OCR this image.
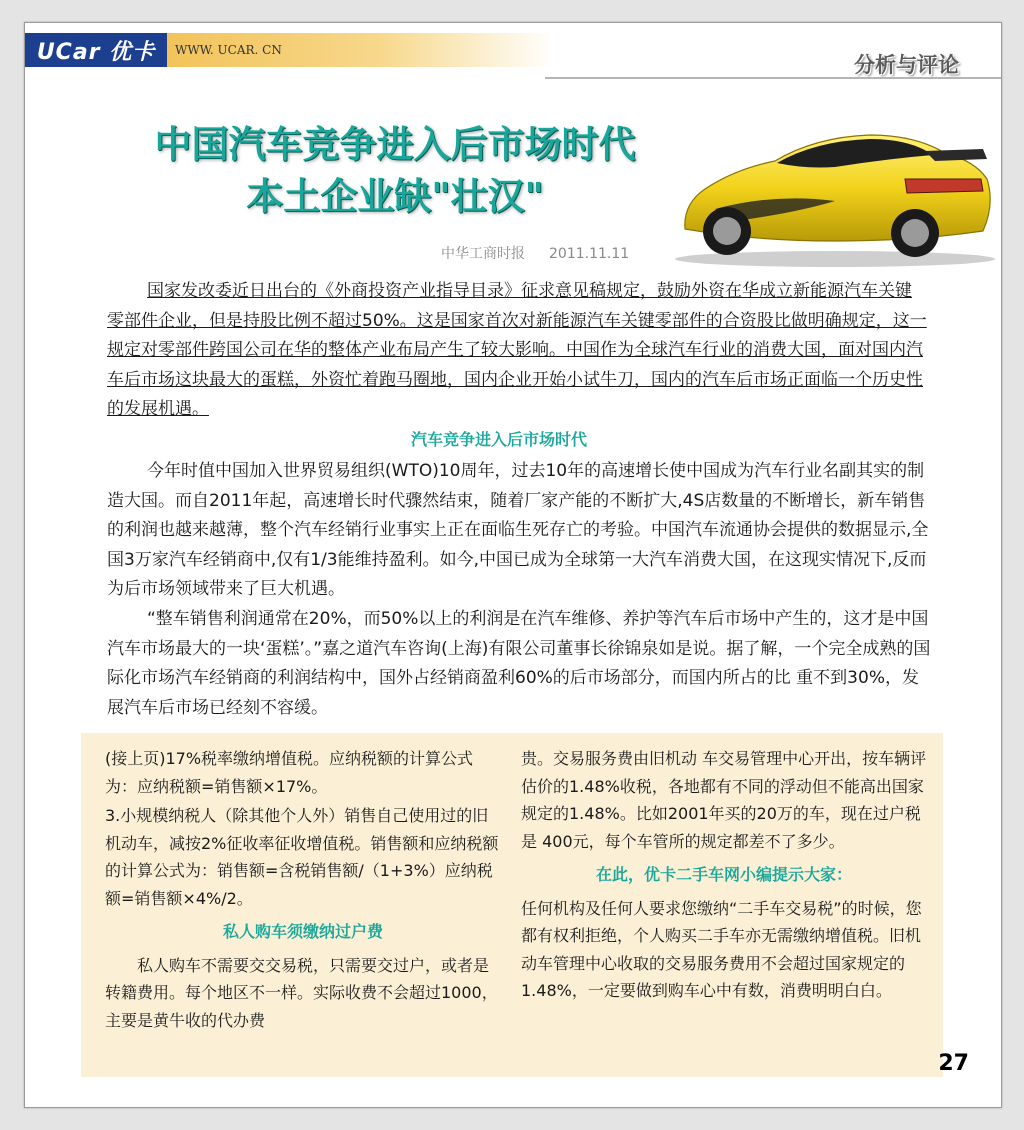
UCar 优卡	WWW. UCAR. CN
分析与评论
中国汽车竞争进入后市场时代
本土企业缺"壮汉"
中华工商时报 2011.11.11

国家发改委近日出台的《外商投资产业指导目录》征求意见稿规定，鼓励外资在华成立新能源汽车关键零部件企业，但是持股比例不超过50%。这是国家首次对新能源汽车关键零部件的合资股比做明确规定，这一规定对零部件跨国公司在华的整体产业布局产生了较大影响。中国作为全球汽车行业的消费大国，面对国内汽车后市场这块最大的蛋糕，外资忙着跑马圈地，国内企业开始小试牛刀，国内的汽车后市场正面临一个历史性的发展机遇。

汽车竞争进入后市场时代

今年时值中国加入世界贸易组织(WTO)10周年，过去10年的高速增长使中国成为汽车行业名副其实的制造大国。而自2011年起，高速增长时代骤然结束，随着厂家产能的不断扩大,4S店数量的不断增长，新车销售的利润也越来越薄，整个汽车经销行业事实上正在面临生死存亡的考验。中国汽车流通协会提供的数据显示,全国3万家汽车经销商中,仅有1/3能维持盈利。如今,中国已成为全球第一大汽车消费大国，在这现实情况下,反而为后市场领域带来了巨大机遇。

“整车销售利润通常在20%，而50%以上的利润是在汽车维修、养护等汽车后市场中产生的，这才是中国汽车市场最大的一块‘蛋糕’。”嘉之道汽车咨询(上海)有限公司董事长徐锦泉如是说。据了解，一个完全成熟的国际化市场汽车经销商的利润结构中，国外占经销商盈利60%的后市场部分，而国内所占的比 重不到30%，发展汽车后市场已经刻不容缓。

(接上页)17%税率缴纳增值税。应纳税额的计算公式为：应纳税额=销售额×17%。

3.小规模纳税人（除其他个人外）销售自己使用过的旧机动车，减按2%征收率征收增值税。销售额和应纳税额的计算公式为：销售额=含税销售额/（1+3%）应纳税额=销售额×4%/2。

私人购车须缴纳过户费

私人购车不需要交交易税，只需要交过户，或者是转籍费用。每个地区不一样。实际收费不会超过1000，主要是黄牛收的代办费

贵。交易服务费由旧机动 车交易管理中心开出，按车辆评估价的1.48%收税，各地都有不同的浮动但不能高出国家规定的1.48%。比如2001年买的20万的车，现在过户税是 400元，每个车管所的规定都差不了多少。

在此，优卡二手车网小编提示大家：

任何机构及任何人要求您缴纳“二手车交易税”的时候，您都有权利拒绝，个人购买二手车亦无需缴纳增值税。旧机动车管理中心收取的交易服务费用不会超过国家规定的1.48%，一定要做到购车心中有数，消费明明白白。

27
